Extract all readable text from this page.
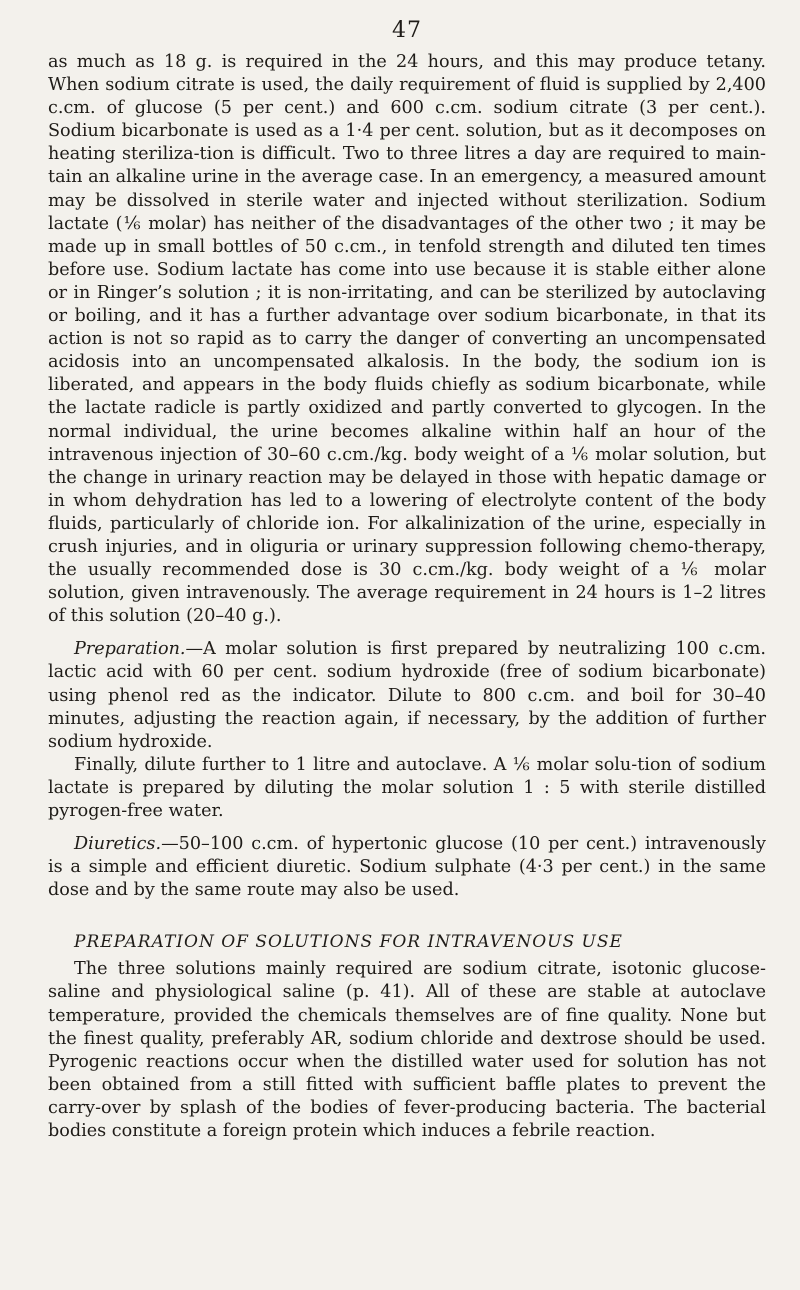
47

as much as 18 g. is required in the 24 hours, and this may produce tetany. When sodium citrate is used, the daily requirement of fluid is supplied by 2,400 c.cm. of glucose (5 per cent.) and 600 c.cm. sodium citrate (3 per cent.). Sodium bicarbonate is used as a 1·4 per cent. solution, but as it decomposes on heating steriliza-tion is difficult. Two to three litres a day are required to main-tain an alkaline urine in the average case. In an emergency, a measured amount may be dissolved in sterile water and injected without sterilization. Sodium lactate (⅙ molar) has neither of the disadvantages of the other two ; it may be made up in small bottles of 50 c.cm., in tenfold strength and diluted ten times before use. Sodium lactate has come into use because it is stable either alone or in Ringer’s solution ; it is non-irritating, and can be sterilized by autoclaving or boiling, and it has a further advantage over sodium bicarbonate, in that its action is not so rapid as to carry the danger of converting an uncompensated acidosis into an uncompensated alkalosis. In the body, the sodium ion is liberated, and appears in the body fluids chiefly as sodium bicarbonate, while the lactate radicle is partly oxidized and partly converted to glycogen. In the normal individual, the urine becomes alkaline within half an hour of the intravenous injection of 30–60 c.cm./kg. body weight of a ⅙ molar solution, but the change in urinary reaction may be delayed in those with hepatic damage or in whom dehydration has led to a lowering of electrolyte content of the body fluids, particularly of chloride ion. For alkalinization of the urine, especially in crush injuries, and in oliguria or urinary suppression following chemo-therapy, the usually recommended dose is 30 c.cm./kg. body weight of a ⅙ molar solution, given intravenously. The average requirement in 24 hours is 1–2 litres of this solution (20–40 g.).

Preparation.—A molar solution is first prepared by neutralizing 100 c.cm. lactic acid with 60 per cent. sodium hydroxide (free of sodium bicarbonate) using phenol red as the indicator. Dilute to 800 c.cm. and boil for 30–40 minutes, adjusting the reaction again, if necessary, by the addition of further sodium hydroxide.

Finally, dilute further to 1 litre and autoclave. A ⅙ molar solu-tion of sodium lactate is prepared by diluting the molar solution 1 : 5 with sterile distilled pyrogen-free water.

Diuretics.—50–100 c.cm. of hypertonic glucose (10 per cent.) intravenously is a simple and efficient diuretic. Sodium sulphate (4·3 per cent.) in the same dose and by the same route may also be used.

PREPARATION OF SOLUTIONS FOR INTRAVENOUS USE

The three solutions mainly required are sodium citrate, isotonic glucose-saline and physiological saline (p. 41). All of these are stable at autoclave temperature, provided the chemicals themselves are of fine quality. None but the finest quality, preferably AR, sodium chloride and dextrose should be used. Pyrogenic reactions occur when the distilled water used for solution has not been obtained from a still fitted with sufficient baffle plates to prevent the carry-over by splash of the bodies of fever-producing bacteria. The bacterial bodies constitute a foreign protein which induces a febrile reaction.
